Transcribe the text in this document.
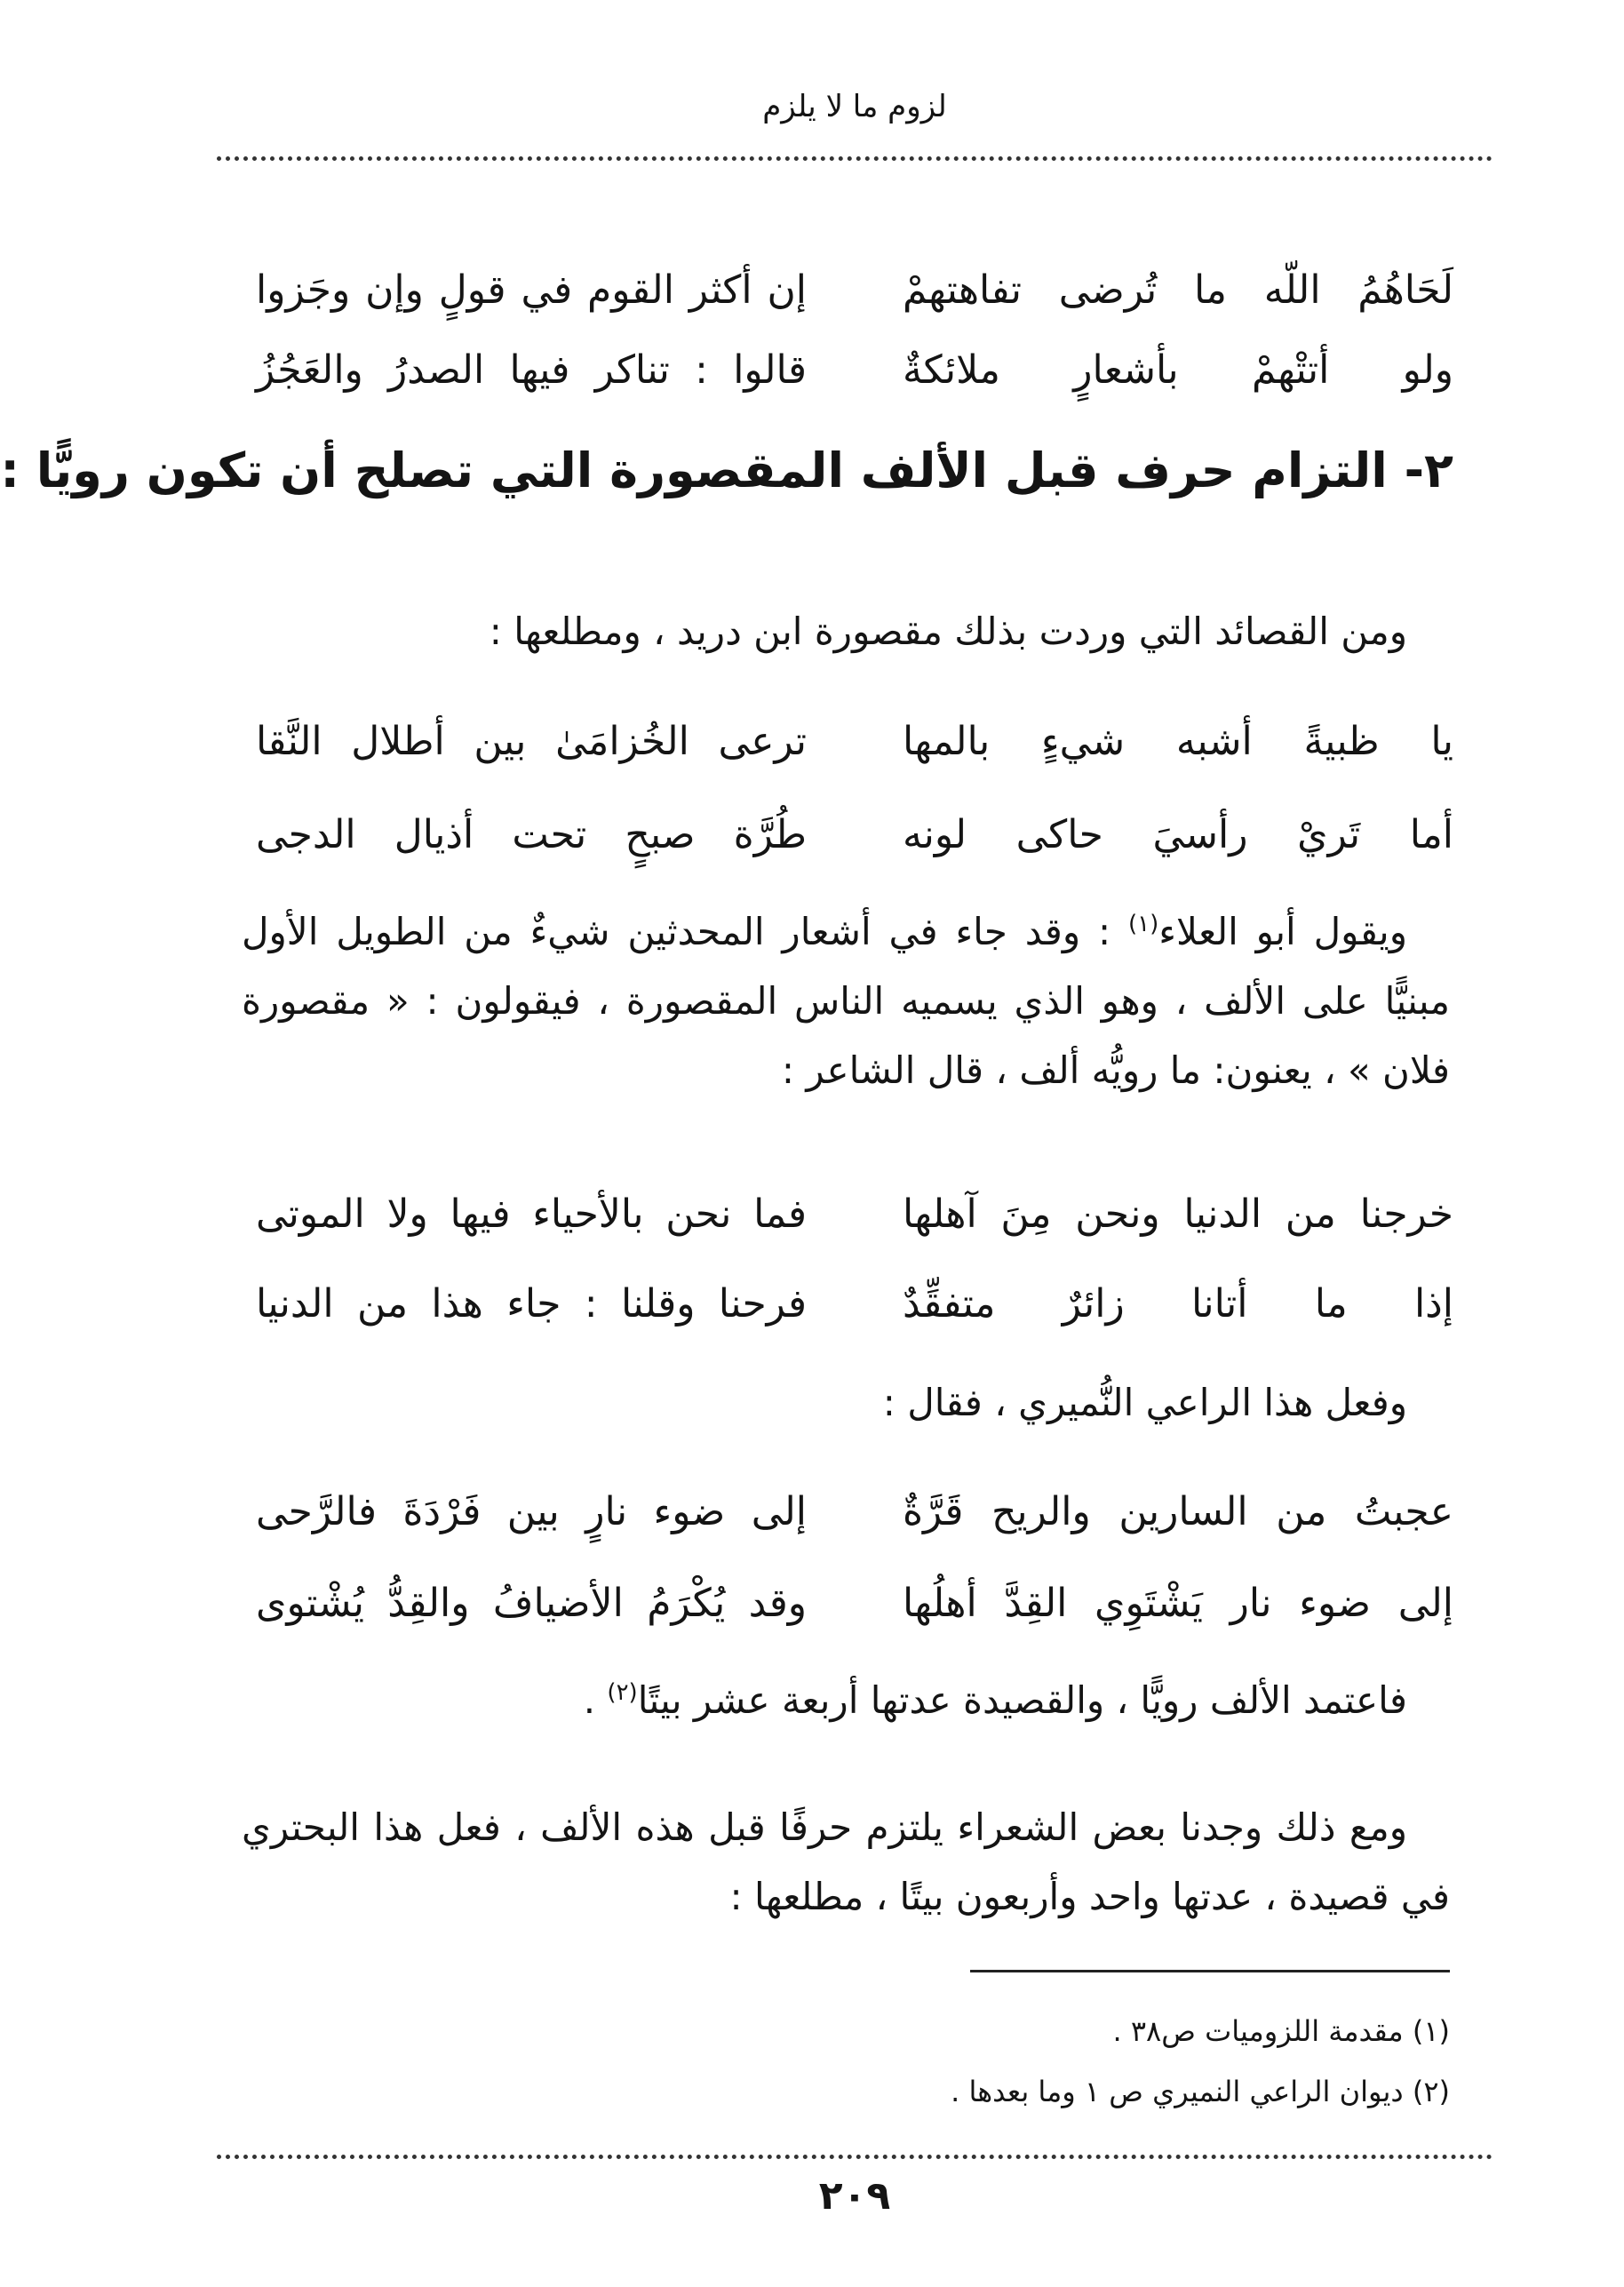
لزوم ما لا يلزم
لَحَاهُمُ اللّه ما تُرضى تفاهتهمْ
إن أكثر القوم في قولٍ وإن وجَزوا
ولو أتتْهمْ بأشعارٍ ملائكةٌ
قالوا : تناكر فيها الصدرُ والعَجُزُ
٢- التزام حرف قبل الألف المقصورة التي تصلح أن تكون رويًّا :

ومن القصائد التي وردت بذلك مقصورة ابن دريد ، ومطلعها :

يا ظبيةً أشبه شيءٍ بالمها
ترعى الخُزامَىٰ بين أطلال النَّقا
أما تَريْ رأسيَ حاكى لونه
طُرَّة صبحٍ تحت أذيال الدجى

ويقول أبو العلاء$^{(١)}$ : وقد جاء في أشعار المحدثين شيءٌ من الطويل الأول مبنيًّا على الألف ، وهو الذي يسميه الناس المقصورة ، فيقولون : « مقصورة فلان » ، يعنون: ما رويُّه ألف ، قال الشاعر :

خرجنا من الدنيا ونحن مِنَ آهلها
فما نحن بالأحياء فيها ولا الموتى
إذا ما أتانا زائرٌ متفقِّدٌ
فرحنا وقلنا : جاء هذا من الدنيا

وفعل هذا الراعي النُّميري ، فقال :

عجبتُ من السارين والريح قَرَّةٌ
إلى ضوء نارٍ بين فَرْدَةَ فالرَّحى
إلى ضوء نار يَشْتَوِي القِدَّ أهلُها
وقد يُكْرَمُ الأضيافُ والقِدُّ يُشْتوى

فاعتمد الألف رويًّا ، والقصيدة عدتها أربعة عشر بيتًا$^{(٢)}$ .

ومع ذلك وجدنا بعض الشعراء يلتزم حرفًا قبل هذه الألف ، فعل هذا البحتري في قصيدة ، عدتها واحد وأربعون بيتًا ، مطلعها :

(١) مقدمة اللزوميات ص٣٨ .
(٢) ديوان الراعي النميري ص ١ وما بعدها .
٢٠٩
